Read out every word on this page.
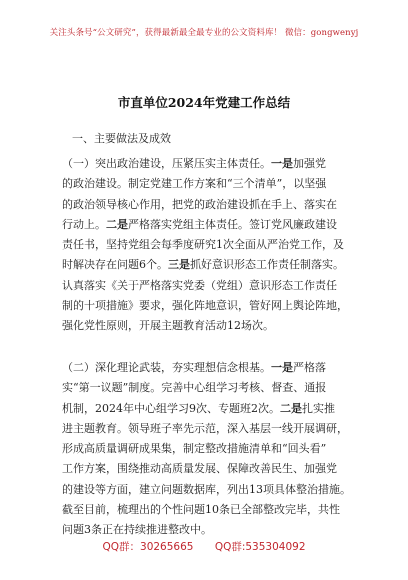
关注头条号“公文研究”，获得最新最全最专业的公文资料库！ 微信：gongwenyj
市直单位2024年党建工作总结
一、主要做法及成效
（一）突出政治建设，压紧压实主体责任。一是加强党
的政治建设。制定党建工作方案和“三个清单”，以坚强
的政治领导核心作用，把党的政治建设抓在手上、落实在
行动上。二是严格落实党组主体责任。签订党风廉政建设
责任书，坚持党组会每季度研究1次全面从严治党工作，及
时解决存在问题6个。三是抓好意识形态工作责任制落实。
认真落实《关于严格落实党委（党组）意识形态工作责任
制的十项措施》要求，强化阵地意识，管好网上舆论阵地，
强化党性原则，开展主题教育活动12场次。
（二）深化理论武装，夯实理想信念根基。一是严格落
实“第一议题”制度。完善中心组学习考核、督查、通报
机制，2024年中心组学习9次、专题班2次。二是扎实推
进主题教育。领导班子率先示范，深入基层一线开展调研，
形成高质量调研成果集，制定整改措施清单和“回头看”
工作方案，围绕推动高质量发展、保障改善民生、加强党
的建设等方面，建立问题数据库，列出13项具体整治措施。
截至目前，梳理出的个性问题10条已全部整改完毕，共性
问题3条正在持续推进整改中。
QQ群：30265665 QQ群:535304092
